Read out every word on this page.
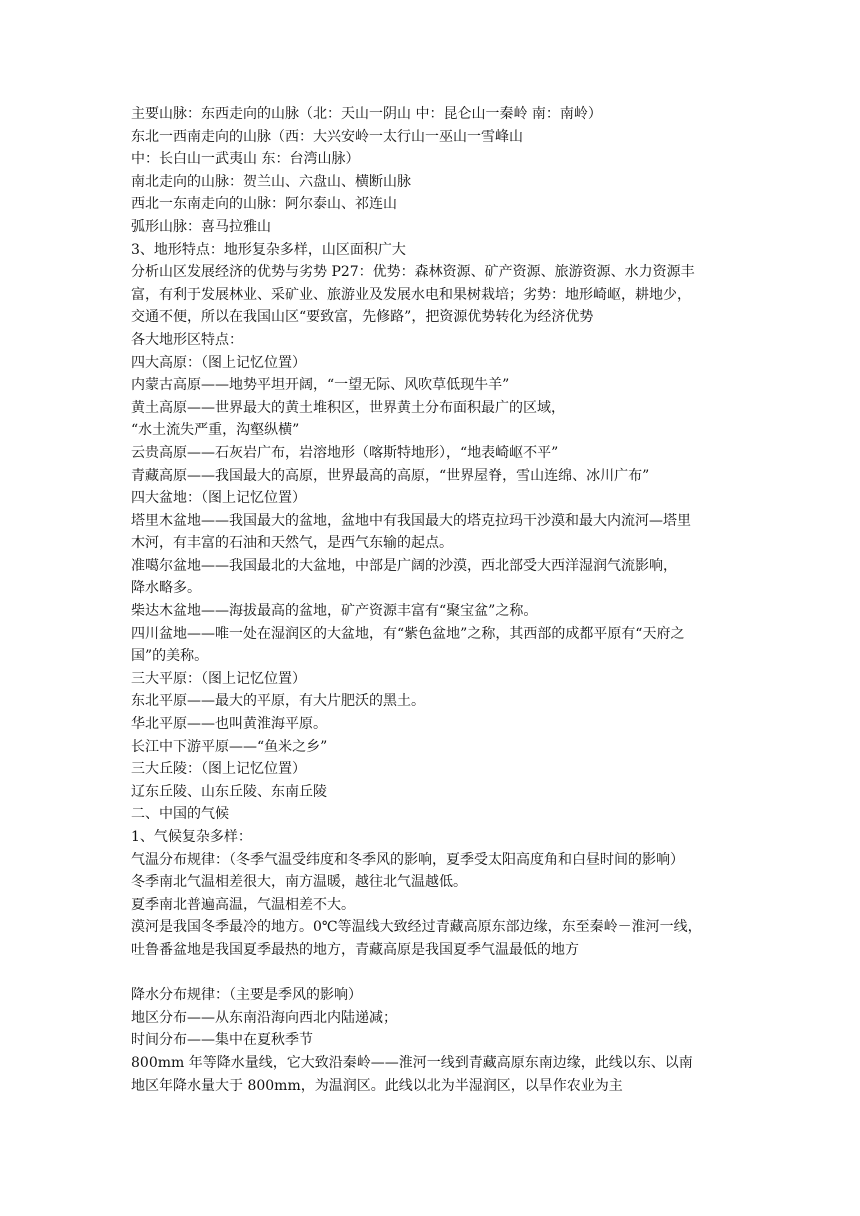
主要山脉：东西走向的山脉（北：天山一阴山 中：昆仑山一秦岭 南：南岭）
东北一西南走向的山脉（西：大兴安岭一太行山一巫山一雪峰山
中：长白山一武夷山 东：台湾山脉）
南北走向的山脉：贺兰山、六盘山、横断山脉
西北一东南走向的山脉：阿尔泰山、祁连山
弧形山脉：喜马拉雅山
3、地形特点：地形复杂多样，山区面积广大
分析山区发展经济的优势与劣势 P27：优势：森林资源、矿产资源、旅游资源、水力资源丰
富，有利于发展林业、采矿业、旅游业及发展水电和果树栽培；劣势：地形崎岖，耕地少，
交通不便，所以在我国山区“要致富，先修路”，把资源优势转化为经济优势
各大地形区特点：
四大高原：（图上记忆位置）
内蒙古高原——地势平坦开阔，“一望无际、风吹草低现牛羊”
黄土高原——世界最大的黄土堆积区，世界黄土分布面积最广的区域，
“水土流失严重，沟壑纵横”
云贵高原——石灰岩广布，岩溶地形（喀斯特地形），“地表崎岖不平”
青藏高原——我国最大的高原，世界最高的高原，“世界屋脊，雪山连绵、冰川广布”
四大盆地：（图上记忆位置）
塔里木盆地——我国最大的盆地，盆地中有我国最大的塔克拉玛干沙漠和最大内流河—塔里
木河，有丰富的石油和天然气，是西气东输的起点。
准噶尔盆地——我国最北的大盆地，中部是广阔的沙漠，西北部受大西洋湿润气流影响，
降水略多。
柴达木盆地——海拔最高的盆地，矿产资源丰富有“聚宝盆”之称。
四川盆地——唯一处在湿润区的大盆地，有“紫色盆地”之称，其西部的成都平原有“天府之
国”的美称。
三大平原：（图上记忆位置）
东北平原——最大的平原，有大片肥沃的黑土。
华北平原——也叫黄淮海平原。
长江中下游平原——“鱼米之乡”
三大丘陵：（图上记忆位置）
辽东丘陵、山东丘陵、东南丘陵
二、中国的气候
1、气候复杂多样：
气温分布规律：（冬季气温受纬度和冬季风的影响，夏季受太阳高度角和白昼时间的影响）
冬季南北气温相差很大，南方温暖，越往北气温越低。
夏季南北普遍高温，气温相差不大。
漠河是我国冬季最冷的地方。0℃等温线大致经过青藏高原东部边缘，东至秦岭－淮河一线，
吐鲁番盆地是我国夏季最热的地方，青藏高原是我国夏季气温最低的地方
降水分布规律：（主要是季风的影响）
地区分布——从东南沿海向西北内陆递减；
时间分布——集中在夏秋季节
800mm 年等降水量线，它大致沿秦岭——淮河一线到青藏高原东南边缘，此线以东、以南
地区年降水量大于 800mm，为温润区。此线以北为半湿润区，以旱作农业为主
